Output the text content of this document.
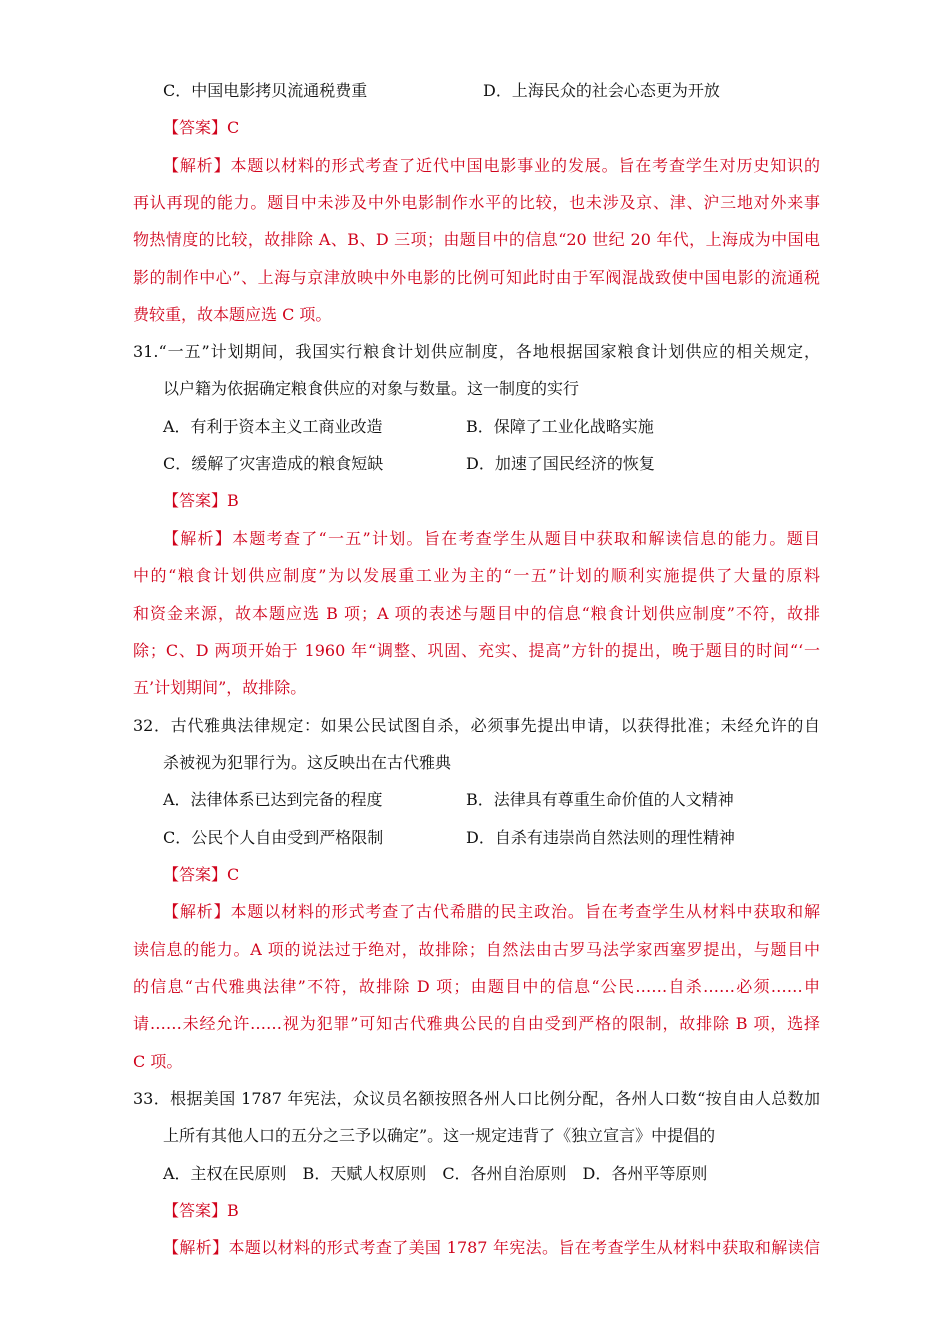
C．中国电影拷贝流通税费重	D．上海民众的社会心态更为开放
【答案】C
【解析】本题以材料的形式考查了近代中国电影事业的发展。旨在考查学生对历史知识的
再认再现的能力。题目中未涉及中外电影制作水平的比较，也未涉及京、津、沪三地对外来事
物热情度的比较，故排除 A、B、D 三项；由题目中的信息“20 世纪 20 年代，上海成为中国电
影的制作中心”、上海与京津放映中外电影的比例可知此时由于军阀混战致使中国电影的流通税
费较重，故本题应选 C 项。
31.“一五”计划期间，我国实行粮食计划供应制度，各地根据国家粮食计划供应的相关规定，
以户籍为依据确定粮食供应的对象与数量。这一制度的实行
A．有利于资本主义工商业改造	B．保障了工业化战略实施
C．缓解了灾害造成的粮食短缺	D．加速了国民经济的恢复
【答案】B
【解析】本题考查了“一五”计划。旨在考查学生从题目中获取和解读信息的能力。题目
中的“粮食计划供应制度”为以发展重工业为主的“一五”计划的顺利实施提供了大量的原料
和资金来源，故本题应选 B 项；A 项的表述与题目中的信息“粮食计划供应制度”不符，故排
除；C、D 两项开始于 1960 年“调整、巩固、充实、提高”方针的提出，晚于题目的时间“‘一
五’计划期间”，故排除。
32．古代雅典法律规定：如果公民试图自杀，必须事先提出申请，以获得批准；未经允许的自
杀被视为犯罪行为。这反映出在古代雅典
A．法律体系已达到完备的程度	B．法律具有尊重生命价值的人文精神
C．公民个人自由受到严格限制	D．自杀有违崇尚自然法则的理性精神
【答案】C
【解析】本题以材料的形式考查了古代希腊的民主政治。旨在考查学生从材料中获取和解
读信息的能力。A 项的说法过于绝对，故排除；自然法由古罗马法学家西塞罗提出，与题目中
的信息“古代雅典法律”不符，故排除 D 项；由题目中的信息“公民……自杀……必须……申
请……未经允许……视为犯罪”可知古代雅典公民的自由受到严格的限制，故排除 B 项，选择
C 项。
33．根据美国 1787 年宪法，众议员名额按照各州人口比例分配，各州人口数“按自由人总数加
上所有其他人口的五分之三予以确定”。这一规定违背了《独立宣言》中提倡的
A．主权在民原则　B．天赋人权原则　C．各州自治原则　D．各州平等原则
【答案】B
【解析】本题以材料的形式考查了美国 1787 年宪法。旨在考查学生从材料中获取和解读信
